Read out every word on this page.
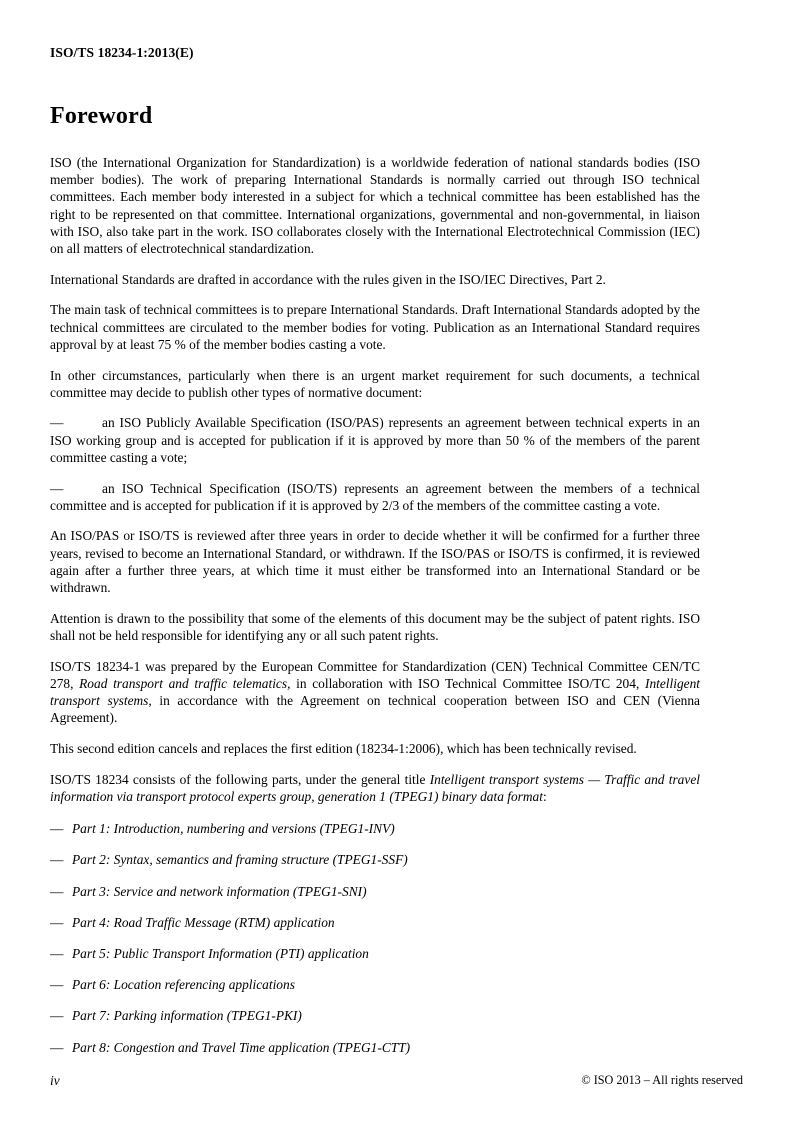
ISO/TS 18234-1:2013(E)
Foreword

ISO (the International Organization for Standardization) is a worldwide federation of national standards bodies (ISO member bodies). The work of preparing International Standards is normally carried out through ISO technical committees. Each member body interested in a subject for which a technical committee has been established has the right to be represented on that committee. International organizations, governmental and non-governmental, in liaison with ISO, also take part in the work. ISO collaborates closely with the International Electrotechnical Commission (IEC) on all matters of electrotechnical standardization.

International Standards are drafted in accordance with the rules given in the ISO/IEC Directives, Part 2.

The main task of technical committees is to prepare International Standards. Draft International Standards adopted by the technical committees are circulated to the member bodies for voting. Publication as an International Standard requires approval by at least 75 % of the member bodies casting a vote.

In other circumstances, particularly when there is an urgent market requirement for such documents, a technical committee may decide to publish other types of normative document:

—	an ISO Publicly Available Specification (ISO/PAS) represents an agreement between technical experts in an ISO working group and is accepted for publication if it is approved by more than 50 % of the members of the parent committee casting a vote;

—	an ISO Technical Specification (ISO/TS) represents an agreement between the members of a technical committee and is accepted for publication if it is approved by 2/3 of the members of the committee casting a vote.

An ISO/PAS or ISO/TS is reviewed after three years in order to decide whether it will be confirmed for a further three years, revised to become an International Standard, or withdrawn. If the ISO/PAS or ISO/TS is confirmed, it is reviewed again after a further three years, at which time it must either be transformed into an International Standard or be withdrawn.

Attention is drawn to the possibility that some of the elements of this document may be the subject of patent rights. ISO shall not be held responsible for identifying any or all such patent rights.

ISO/TS 18234-1 was prepared by the European Committee for Standardization (CEN) Technical Committee CEN/TC 278, Road transport and traffic telematics, in collaboration with ISO Technical Committee ISO/TC 204, Intelligent transport systems, in accordance with the Agreement on technical cooperation between ISO and CEN (Vienna Agreement).

This second edition cancels and replaces the first edition (18234-1:2006), which has been technically revised.

ISO/TS 18234 consists of the following parts, under the general title Intelligent transport systems — Traffic and travel information via transport protocol experts group, generation 1 (TPEG1) binary data format:

— Part 1: Introduction, numbering and versions (TPEG1-INV)

— Part 2: Syntax, semantics and framing structure (TPEG1-SSF)

— Part 3: Service and network information (TPEG1-SNI)

— Part 4: Road Traffic Message (RTM) application

— Part 5: Public Transport Information (PTI) application

— Part 6: Location referencing applications

— Part 7: Parking information (TPEG1-PKI)

— Part 8: Congestion and Travel Time application (TPEG1-CTT)

iv	© ISO 2013 – All rights reserved
